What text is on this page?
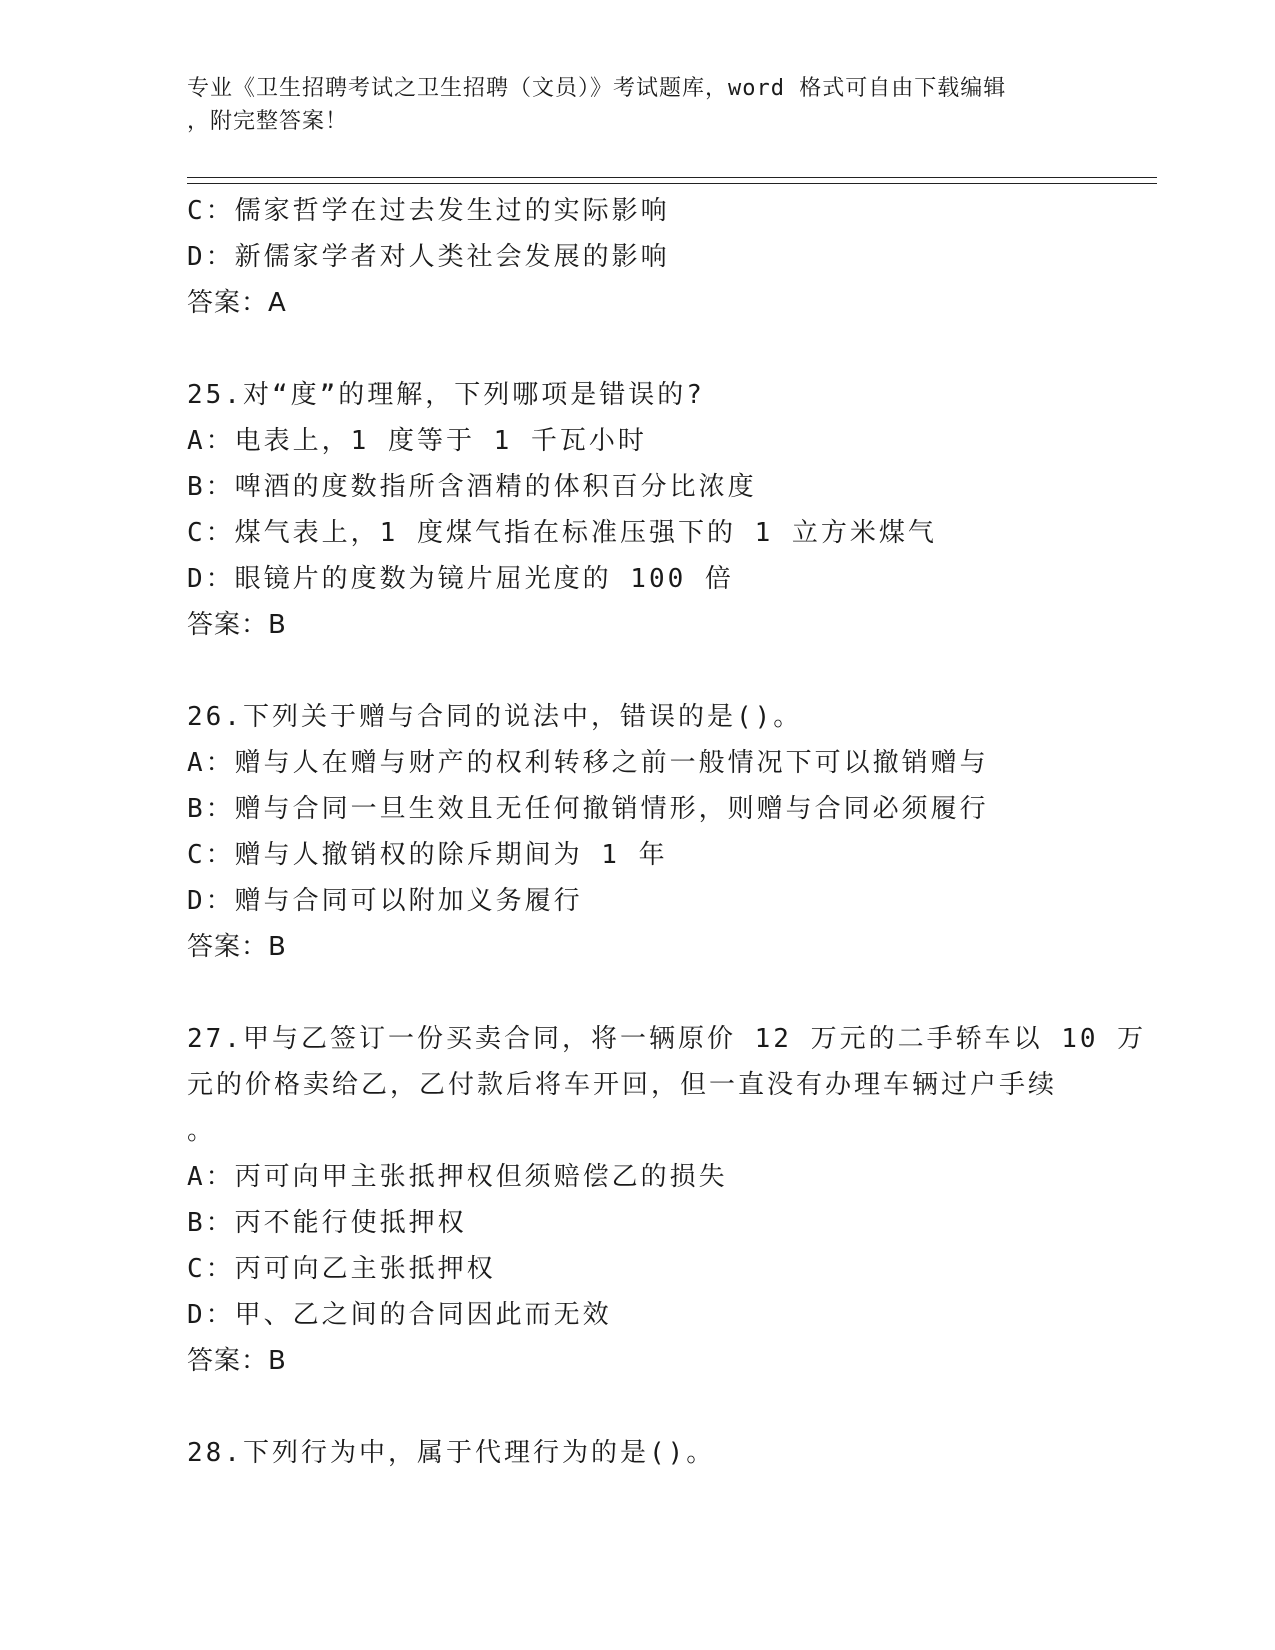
专业《卫生招聘考试之卫生招聘（文员）》考试题库，word 格式可自由下载编辑
，附完整答案！
C：儒家哲学在过去发生过的实际影响
D：新儒家学者对人类社会发展的影响
答案：A
25.对“度”的理解，下列哪项是错误的?
A：电表上，1 度等于 1 千瓦小时
B：啤酒的度数指所含酒精的体积百分比浓度
C：煤气表上，1 度煤气指在标准压强下的 1 立方米煤气
D：眼镜片的度数为镜片屈光度的 100 倍
答案：B
26.下列关于赠与合同的说法中，错误的是()。
A：赠与人在赠与财产的权利转移之前一般情况下可以撤销赠与
B：赠与合同一旦生效且无任何撤销情形，则赠与合同必须履行
C：赠与人撤销权的除斥期间为 1 年
D：赠与合同可以附加义务履行
答案：B
27.甲与乙签订一份买卖合同，将一辆原价 12 万元的二手轿车以 10 万
元的价格卖给乙，乙付款后将车开回，但一直没有办理车辆过户手续
。
A：丙可向甲主张抵押权但须赔偿乙的损失
B：丙不能行使抵押权
C：丙可向乙主张抵押权
D：甲、乙之间的合同因此而无效
答案：B
28.下列行为中，属于代理行为的是()。
